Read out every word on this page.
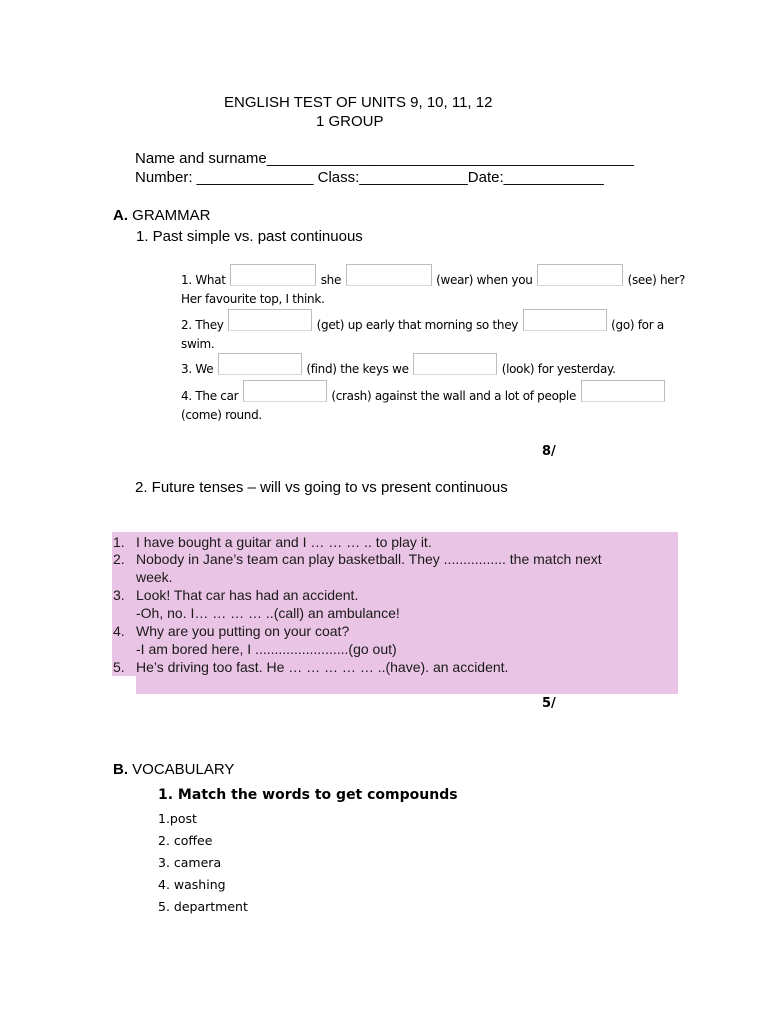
ENGLISH TEST OF UNITS 9, 10, 11, 12
1 GROUP
Name and surname____________________________________________
Number: ______________ Class:_____________Date:____________
A. GRAMMAR
1. Past simple vs. past continuous
1. What	she	(wear) when you	(see) her?
Her favourite top, I think.
2. They	(get) up early that morning so they	(go) for a
swim.
3. We	(find) the keys we	(look) for yesterday.
4. The car	(crash) against the wall and a lot of people
(come) round.
8/
2. Future tenses – will vs going to vs present continuous
1. I have bought a guitar and I … … … .. to play it.
2. Nobody in Jane’s team can play basketball. They ................ the match next
week.
3. Look! That car has had an accident.
-Oh, no. I… … … … ..(call) an ambulance!
4. Why are you putting on your coat?
-I am bored here, I ........................(go out)
5. He’s driving too fast. He … … … … … ..(have). an accident.
5/
B. VOCABULARY
1. Match the words to get compounds
1.post
2. coffee
3. camera
4. washing
5. department
